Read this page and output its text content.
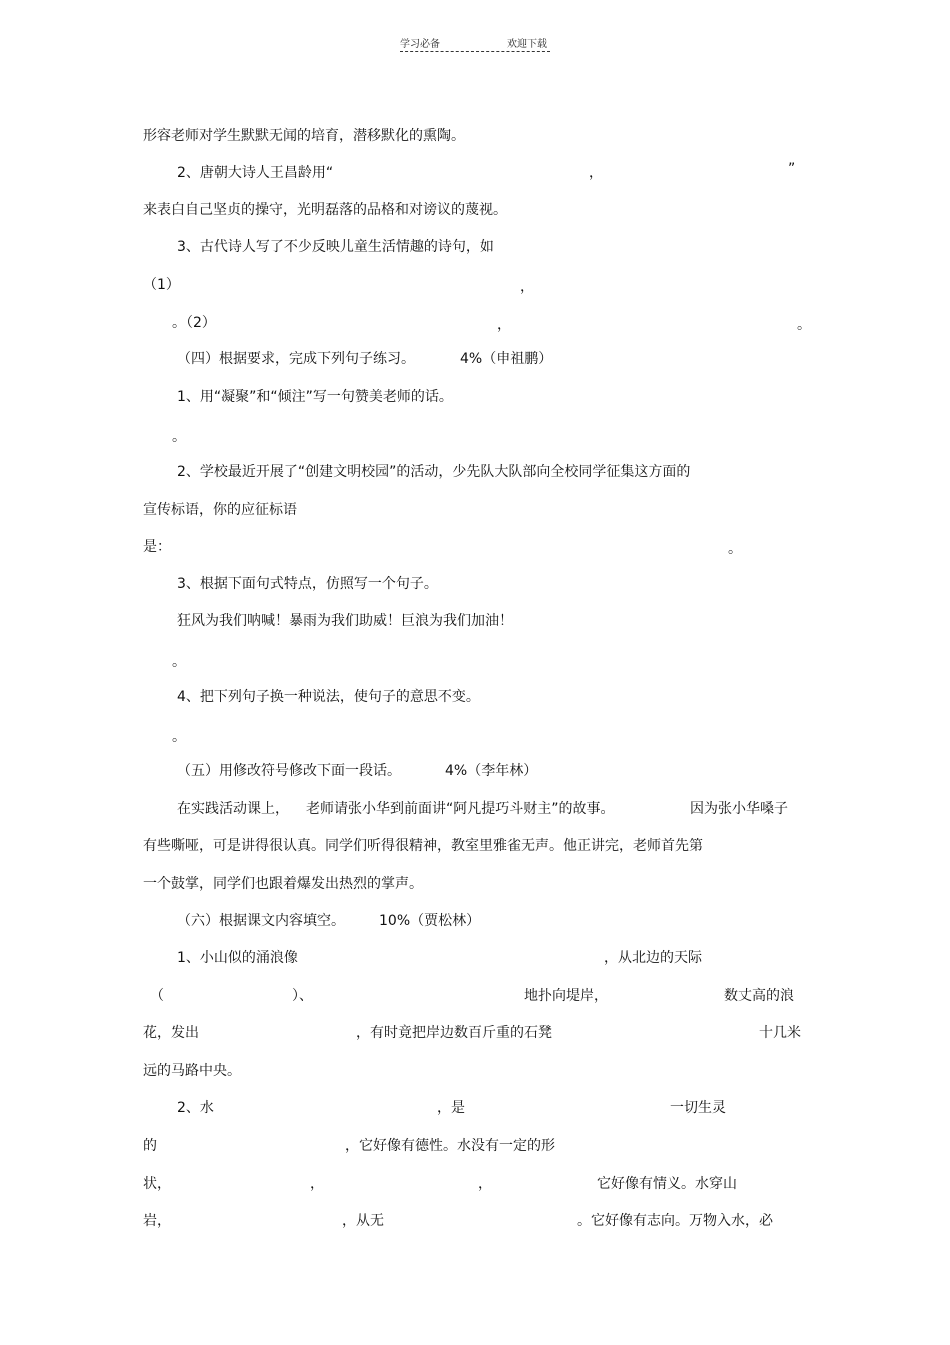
学习必备	欢迎下载
形容老师对学生默默无闻的培育，潜移默化的熏陶。
2、唐朝大诗人王昌龄用“	，	”
来表白自己坚贞的操守，光明磊落的品格和对谤议的蔑视。
3、古代诗人写了不少反映儿童生活情趣的诗句，如
（1）	，
。（2）	，	。
（四）根据要求，完成下列句子练习。	4%（申祖鹏）
1、用“凝聚”和“倾注”写一句赞美老师的话。
。
2、学校最近开展了“创建文明校园”的活动，少先队大队部向全校同学征集这方面的
宣传标语，你的应征标语
是：	。
3、根据下面句式特点，仿照写一个句子。
狂风为我们呐喊！暴雨为我们助威！巨浪为我们加油！
。
4、把下列句子换一种说法，使句子的意思不变。
。
（五）用修改符号修改下面一段话。	4%（李年林）
在实践活动课上， 老师请张小华到前面讲“阿凡提巧斗财主”的故事。	因为张小华嗓子
有些嘶哑，可是讲得很认真。同学们听得很精神，教室里雅雀无声。他正讲完，老师首先第
一个鼓掌，同学们也跟着爆发出热烈的掌声。
（六）根据课文内容填空。 10%（贾松林）
1、小山似的涌浪像	，从北边的天际
（	）、	地扑向堤岸，	数丈高的浪
花，发出	，有时竟把岸边数百斤重的石凳	十几米
远的马路中央。
2、水	，是	一切生灵
的	，它好像有德性。水没有一定的形
状，	，	，	它好像有情义。水穿山
岩，	，从无	。它好像有志向。万物入水，必
